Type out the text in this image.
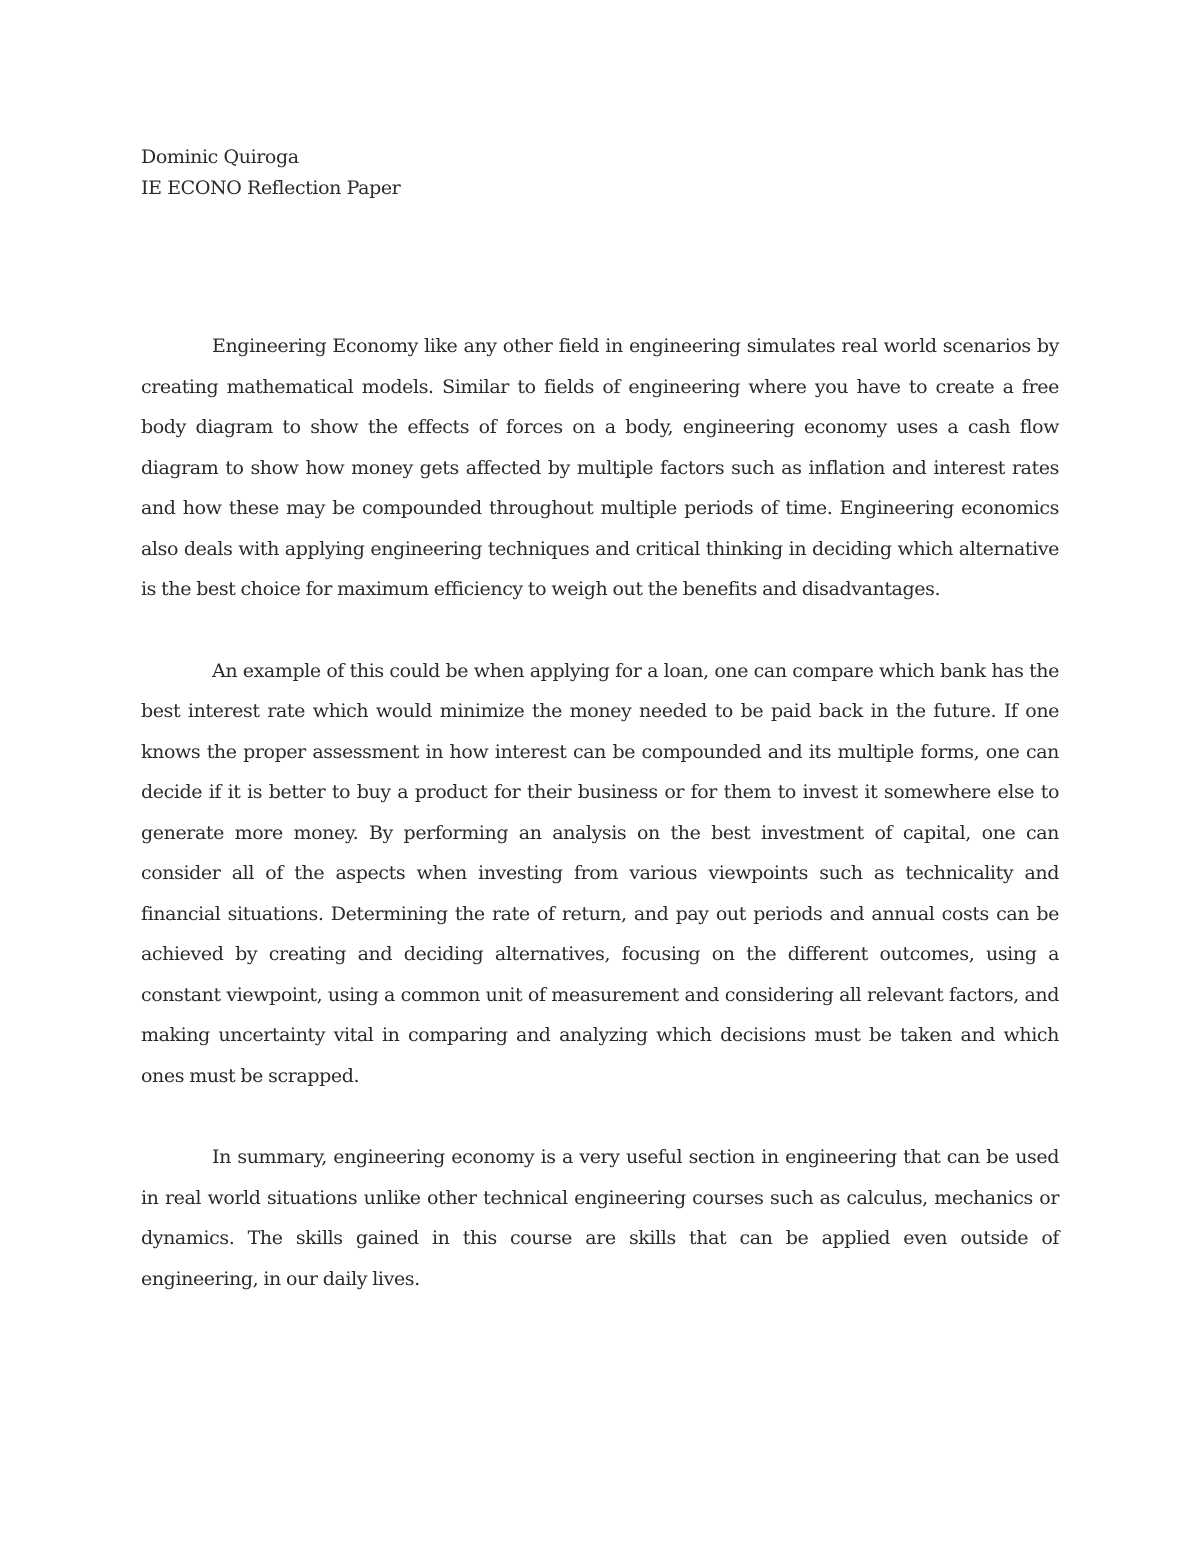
Dominic Quiroga
IE ECONO Reflection Paper

Engineering Economy like any other field in engineering simulates real world scenarios by creating mathematical models. Similar to fields of engineering where you have to create a free body diagram to show the effects of forces on a body, engineering economy uses a cash flow diagram to show how money gets affected by multiple factors such as inflation and interest rates and how these may be compounded throughout multiple periods of time. Engineering economics also deals with applying engineering techniques and critical thinking in deciding which alternative is the best choice for maximum efficiency to weigh out the benefits and disadvantages.

An example of this could be when applying for a loan, one can compare which bank has the best interest rate which would minimize the money needed to be paid back in the future. If one knows the proper assessment in how interest can be compounded and its multiple forms, one can decide if it is better to buy a product for their business or for them to invest it somewhere else to generate more money. By performing an analysis on the best investment of capital, one can consider all of the aspects when investing from various viewpoints such as technicality and financial situations. Determining the rate of return, and pay out periods and annual costs can be achieved by creating and deciding alternatives, focusing on the different outcomes, using a constant viewpoint, using a common unit of measurement and considering all relevant factors, and making uncertainty vital in comparing and analyzing which decisions must be taken and which ones must be scrapped.

In summary, engineering economy is a very useful section in engineering that can be used in real world situations unlike other technical engineering courses such as calculus, mechanics or dynamics. The skills gained in this course are skills that can be applied even outside of engineering, in our daily lives.
